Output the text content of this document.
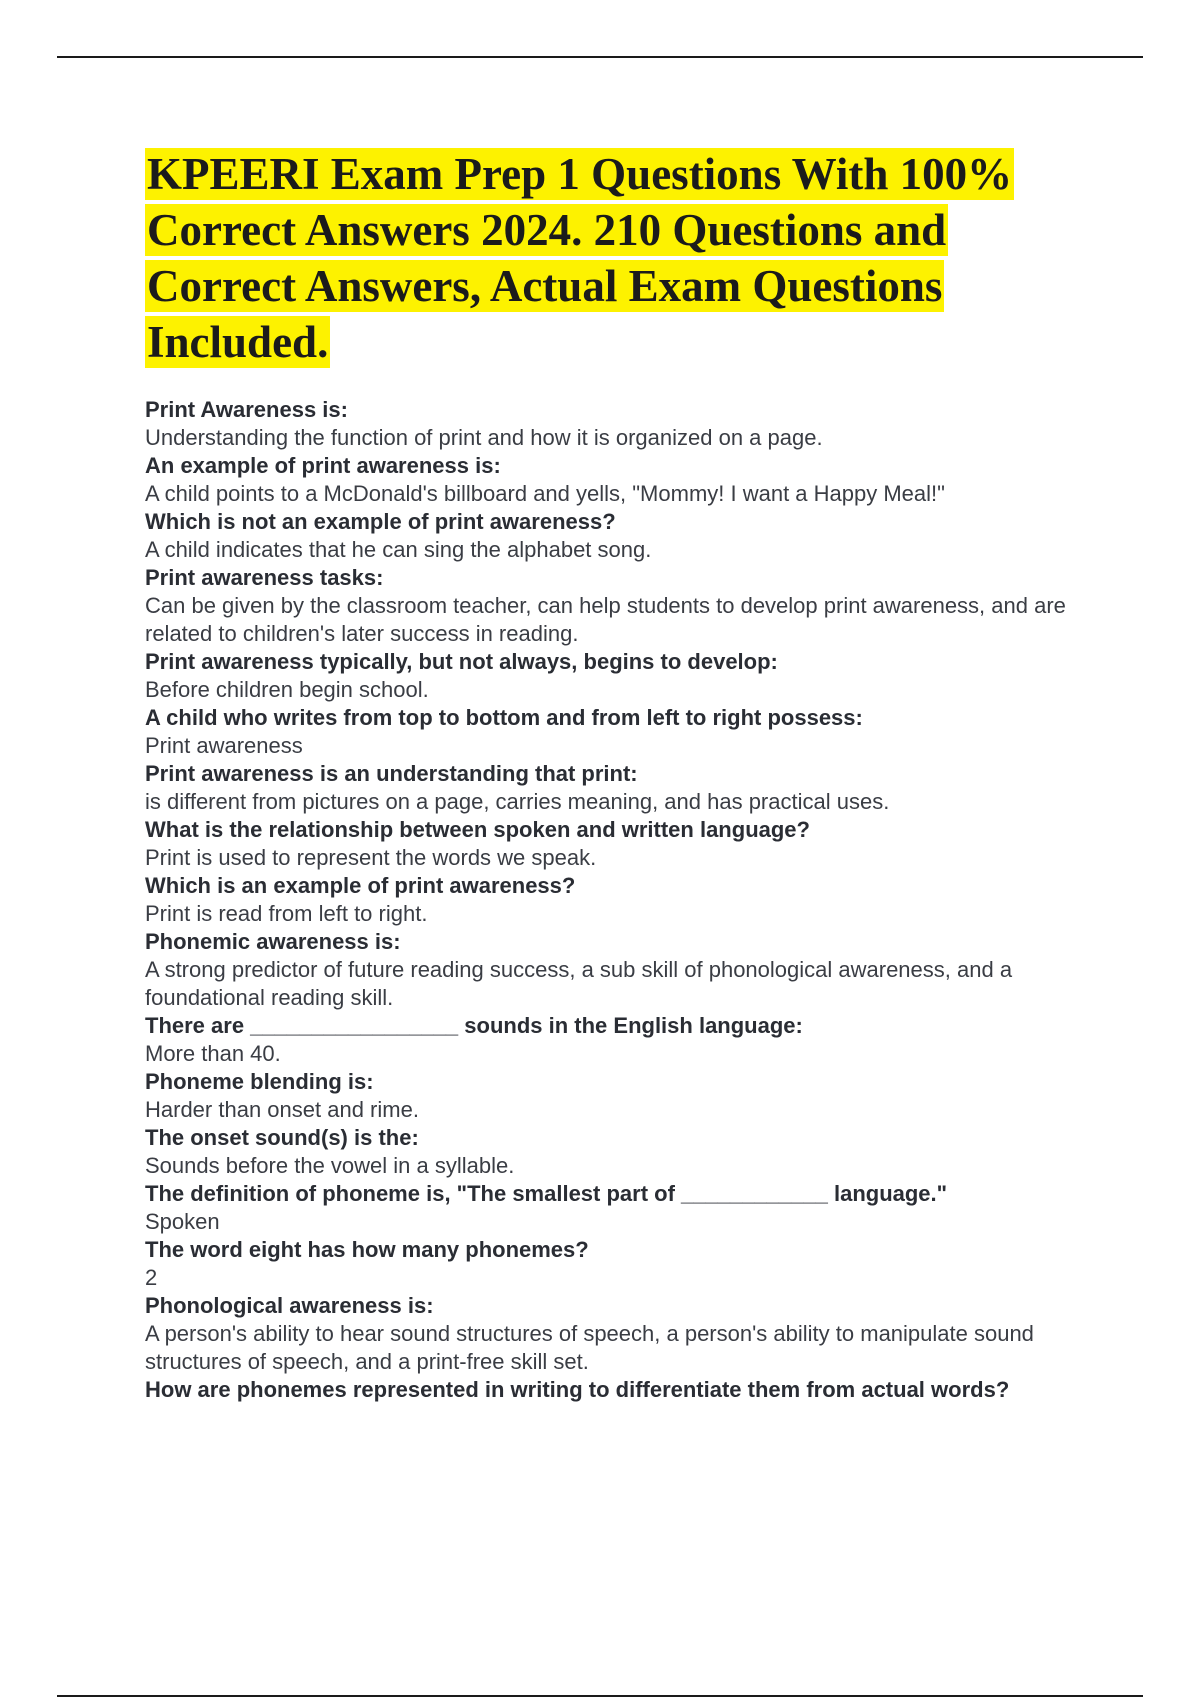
KPEERI Exam Prep 1 Questions With 100% Correct Answers 2024. 210 Questions and Correct Answers, Actual Exam Questions Included.
Print Awareness is:
Understanding the function of print and how it is organized on a page.
An example of print awareness is:
A child points to a McDonald's billboard and yells, "Mommy! I want a Happy Meal!"
Which is not an example of print awareness?
A child indicates that he can sing the alphabet song.
Print awareness tasks:
Can be given by the classroom teacher, can help students to develop print awareness, and are related to children's later success in reading.
Print awareness typically, but not always, begins to develop:
Before children begin school.
A child who writes from top to bottom and from left to right possess:
Print awareness
Print awareness is an understanding that print:
is different from pictures on a page, carries meaning, and has practical uses.
What is the relationship between spoken and written language?
Print is used to represent the words we speak.
Which is an example of print awareness?
Print is read from left to right.
Phonemic awareness is:
A strong predictor of future reading success, a sub skill of phonological awareness, and a foundational reading skill.
There are _________________ sounds in the English language:
More than 40.
Phoneme blending is:
Harder than onset and rime.
The onset sound(s) is the:
Sounds before the vowel in a syllable.
The definition of phoneme is, "The smallest part of ____________ language."
Spoken
The word eight has how many phonemes?
2
Phonological awareness is:
A person's ability to hear sound structures of speech, a person's ability to manipulate sound structures of speech, and a print-free skill set.
How are phonemes represented in writing to differentiate them from actual words?
